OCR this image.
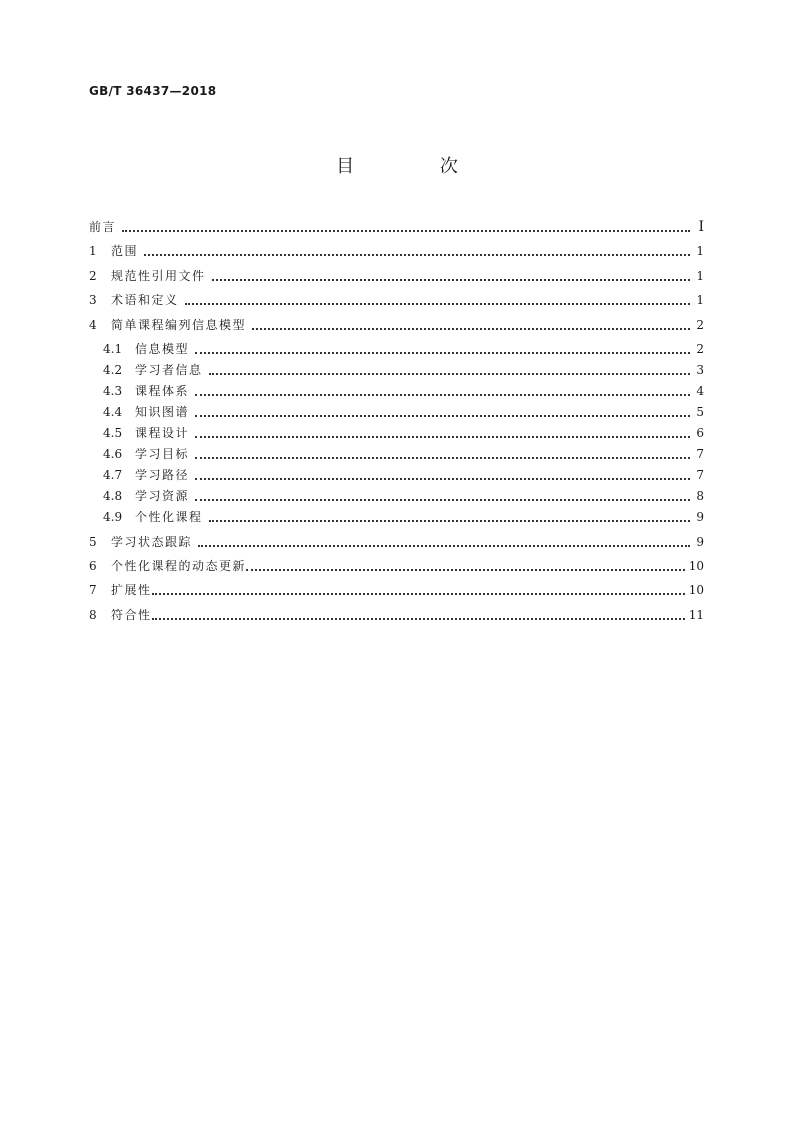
GB/T 36437—2018
目 次
前言	I
1	范围	1
2	规范性引用文件	1
3	术语和定义	1
4	简单课程编列信息模型	2
4.1	信息模型	2
4.2	学习者信息	3
4.3	课程体系	4
4.4	知识图谱	5
4.5	课程设计	6
4.6	学习目标	7
4.7	学习路径	7
4.8	学习资源	8
4.9	个性化课程	9
5	学习状态跟踪	9
6	个性化课程的动态更新	10
7	扩展性	10
8	符合性	11
